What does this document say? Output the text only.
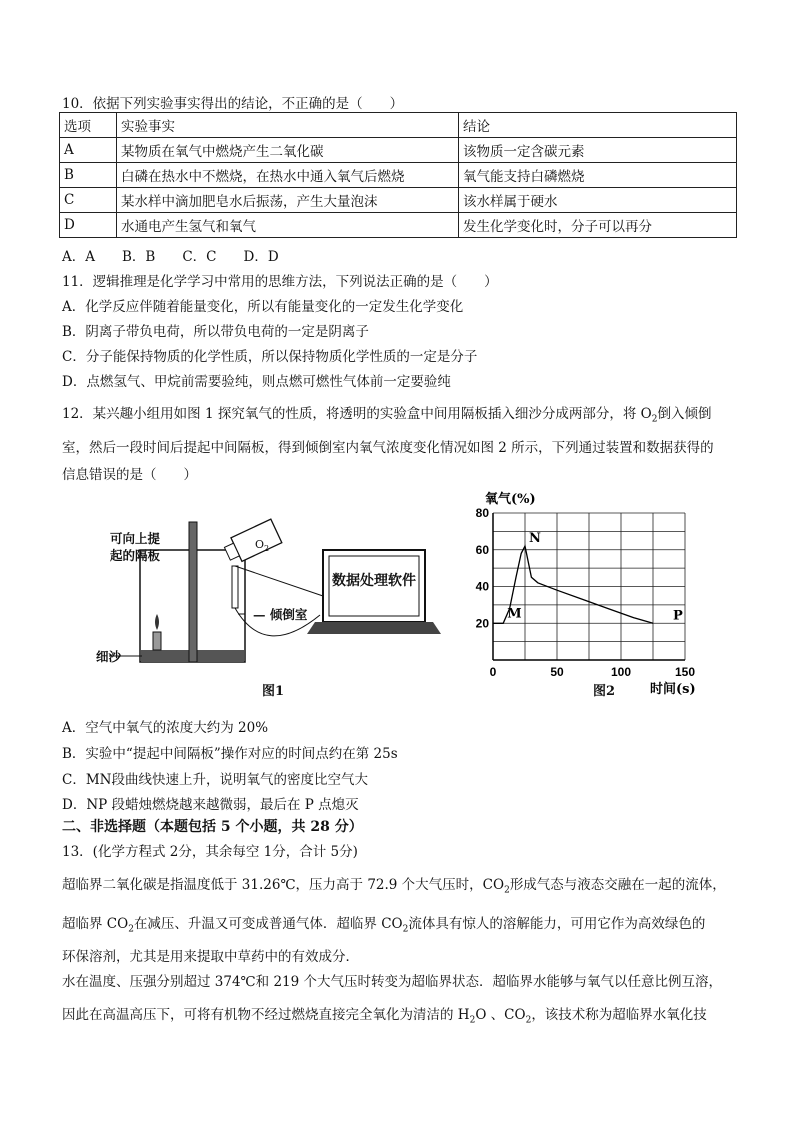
10．依据下列实验事实得出的结论，不正确的是（　　）
选项	实验事实	结论
A	某物质在氧气中燃烧产生二氧化碳	该物质一定含碳元素
B	白磷在热水中不燃烧，在热水中通入氧气后燃烧	氧气能支持白磷燃烧
C	某水样中滴加肥皂水后振荡，产生大量泡沫	该水样属于硬水
D	水通电产生氢气和氧气	发生化学变化时，分子可以再分
A．A　　B．B　　C．C　　D．D
11．逻辑推理是化学学习中常用的思维方法，下列说法正确的是（　　）
A．化学反应伴随着能量变化，所以有能量变化的一定发生化学变化
B．阴离子带负电荷，所以带负电荷的一定是阴离子
C．分子能保持物质的化学性质，所以保持物质化学性质的一定是分子
D．点燃氢气、甲烷前需要验纯，则点燃可燃性气体前一定要验纯
12．某兴趣小组用如图 1 探究氧气的性质，将透明的实验盒中间用隔板插入细沙分成两部分，将 $O_2$倒入倾倒
室，然后一段时间后提起中间隔板，得到倾倒室内氧气浓度变化情况如图 2 所示，下列通过装置和数据获得的
信息错误的是（　　）
可向上提
起的隔板
$O_2$
— 倾倒室
细沙
数据处理软件
图1
0	50	100	150
20
40
60
80
氧气(%)
时间(s)
M
N
P
图2
A．空气中氧气的浓度大约为 20%
B．实验中“提起中间隔板”操作对应的时间点约在第 25s
C．MN段曲线快速上升，说明氧气的密度比空气大
D．NP 段蜡烛燃烧越来越微弱，最后在 P 点熄灭
二、非选择题（本题包括 5 个小题，共 28 分）
13．(化学方程式 2分，其余每空 1分，合计 5分)
超临界二氧化碳是指温度低于 31.26℃，压力高于 72.9 个大气压时，$CO_2$形成气态与液态交融在一起的流体，
超临界 $CO_2$在减压、升温又可变成普通气体．超临界 $CO_2$流体具有惊人的溶解能力，可用它作为高效绿色的
环保溶剂，尤其是用来提取中草药中的有效成分．
水在温度、压强分别超过 374℃和 219 个大气压时转变为超临界状态．超临界水能够与氧气以任意比例互溶，
因此在高温高压下，可将有机物不经过燃烧直接完全氧化为清洁的 $H_2O$ 、$CO_2$，该技术称为超临界水氧化技
